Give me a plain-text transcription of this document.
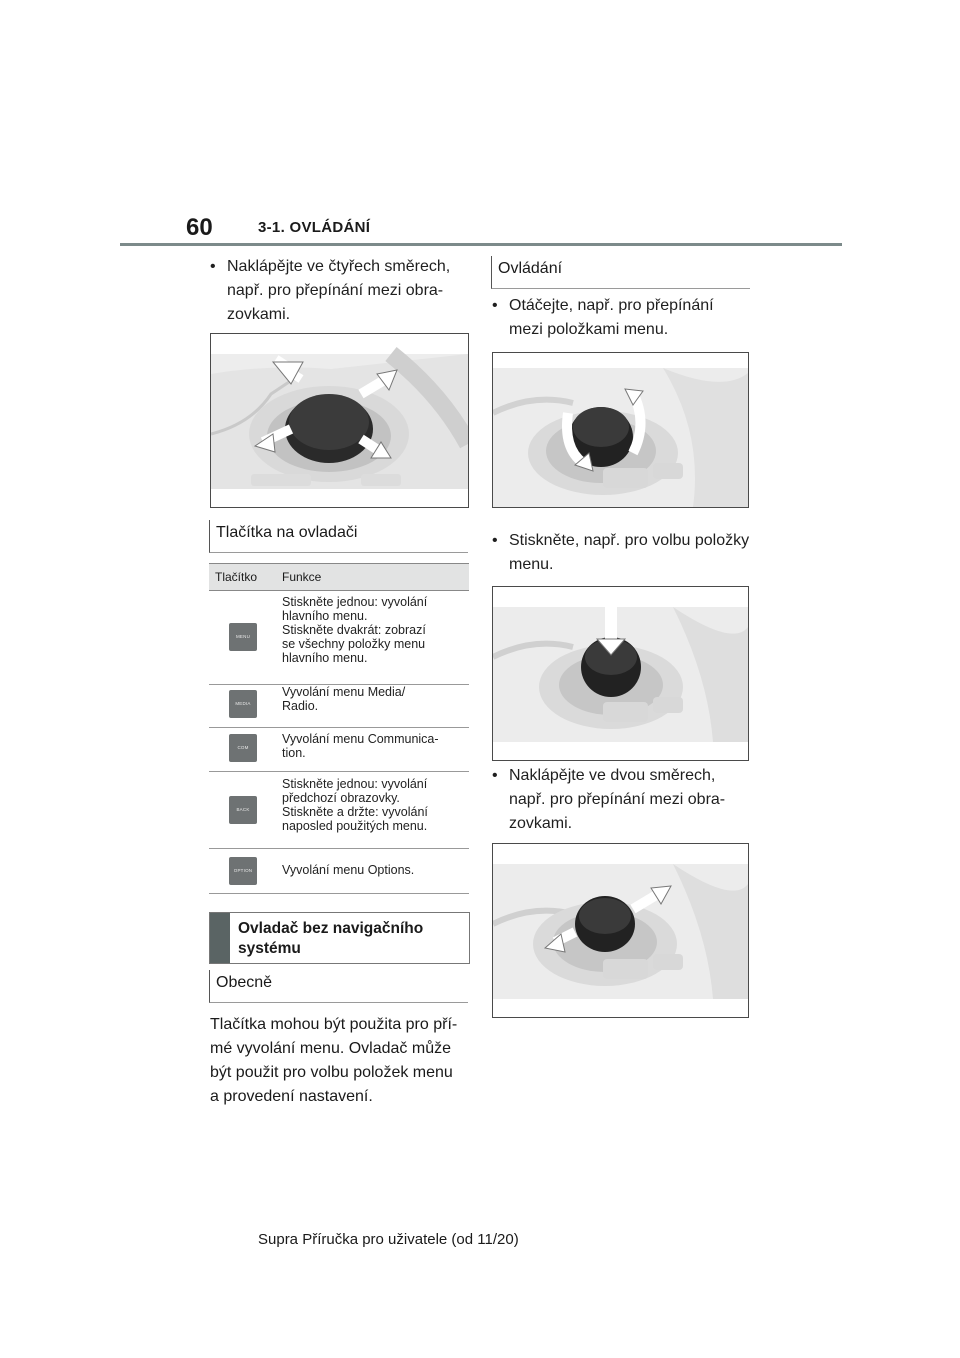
60	3-1. OVLÁDÁNÍ
• Naklápějte ve čtyřech směrech,
např. pro přepínání mezi obra-
zovkami.
Tlačítka na ovladači
Tlačítko Funkce
MENU
Stiskněte jednou: vyvolání
hlavního menu.
Stiskněte dvakrát: zobrazí
se všechny položky menu
hlavního menu.
MEDIA
Vyvolání menu Media/
Radio.
COM
Vyvolání menu Communica-
tion.
BACK
Stiskněte jednou: vyvolání
předchozí obrazovky.
Stiskněte a držte: vyvolání
naposled použitých menu.
OPTION	Vyvolání menu Options.
Ovladač bez navigačního
systému
Obecně
Tlačítka mohou být použita pro pří-
mé vyvolání menu. Ovladač může
být použit pro volbu položek menu
a provedení nastavení.
Ovládání
• Otáčejte, např. pro přepínání
mezi položkami menu.
• Stiskněte, např. pro volbu položky
menu.
• Naklápějte ve dvou směrech,
např. pro přepínání mezi obra-
zovkami.
Supra Příručka pro uživatele (od 11/20)
